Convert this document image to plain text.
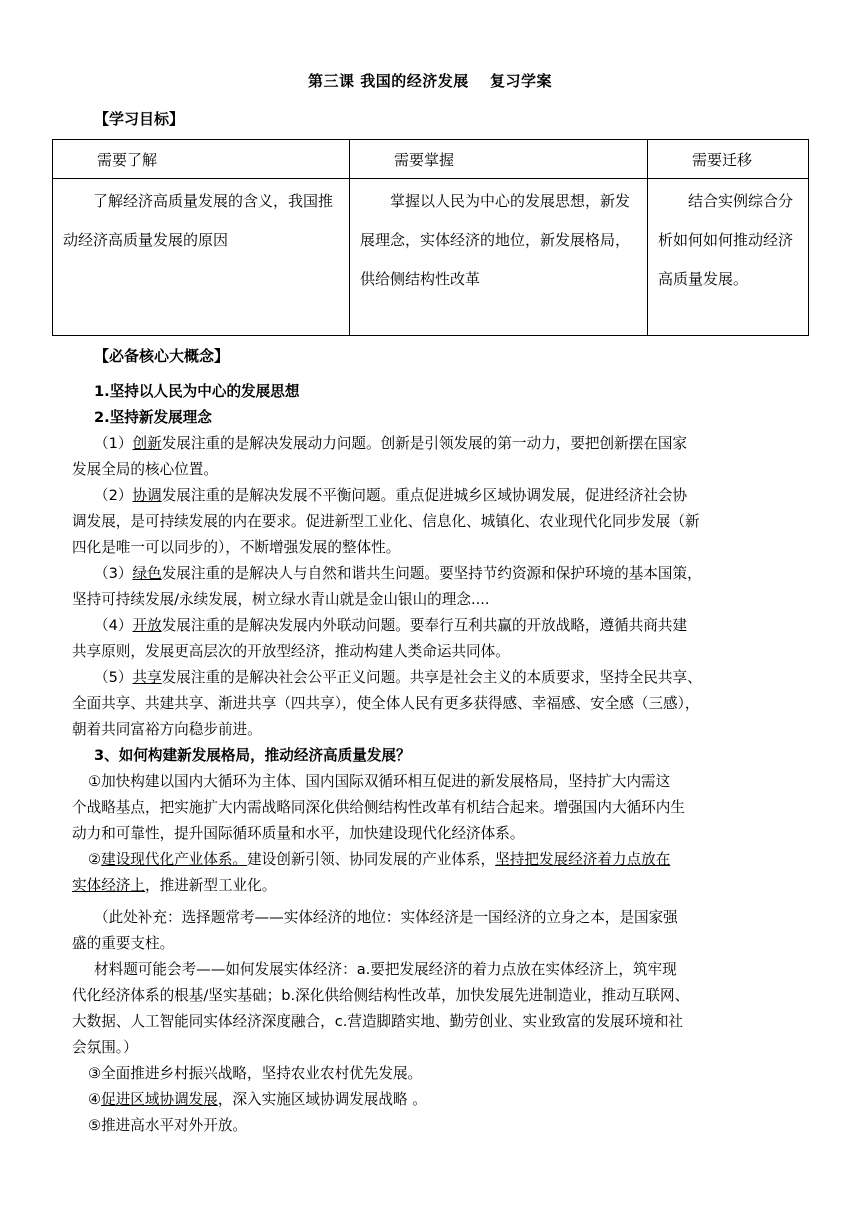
第三课 我国的经济发展　 复习学案
【学习目标】
需要了解	需要掌握	需要迁移

了解经济高质量发展的含义，我国推动经济高质量发展的原因	掌握以人民为中心的发展思想，新发展理念，实体经济的地位，新发展格局，供给侧结构性改革	结合实例综合分析如何如何推动经济高质量发展。

【必备核心大概念】
1.坚持以人民为中心的发展思想
2.坚持新发展理念
（1）创新发展注重的是解决发展动力问题。创新是引领发展的第一动力，要把创新摆在国家
发展全局的核心位置。
（2）协调发展注重的是解决发展不平衡问题。重点促进城乡区域协调发展，促进经济社会协
调发展，是可持续发展的内在要求。促进新型工业化、信息化、城镇化、农业现代化同步发展（新
四化是唯一可以同步的），不断增强发展的整体性。
（3）绿色发展注重的是解决人与自然和谐共生问题。要坚持节约资源和保护环境的基本国策，
坚持可持续发展/永续发展，树立绿水青山就是金山银山的理念....
（4）开放发展注重的是解决发展内外联动问题。要奉行互利共赢的开放战略，遵循共商共建
共享原则，发展更高层次的开放型经济，推动构建人类命运共同体。
（5）共享发展注重的是解决社会公平正义问题。共享是社会主义的本质要求，坚持全民共享、
全面共享、共建共享、渐进共享（四共享），使全体人民有更多获得感、幸福感、安全感（三感），
朝着共同富裕方向稳步前进。
3、如何构建新发展格局，推动经济高质量发展？
①加快构建以国内大循环为主体、国内国际双循环相互促进的新发展格局，坚持扩大内需这
个战略基点，把实施扩大内需战略同深化供给侧结构性改革有机结合起来。增强国内大循环内生
动力和可靠性，提升国际循环质量和水平，加快建设现代化经济体系。
②建设现代化产业体系。建设创新引领、协同发展的产业体系，坚持把发展经济着力点放在
实体经济上，推进新型工业化。
（此处补充：选择题常考——实体经济的地位：实体经济是一国经济的立身之本，是国家强
盛的重要支柱。
材料题可能会考——如何发展实体经济：a.要把发展经济的着力点放在实体经济上，筑牢现
代化经济体系的根基/坚实基础；b.深化供给侧结构性改革，加快发展先进制造业，推动互联网、
大数据、人工智能同实体经济深度融合，c.营造脚踏实地、勤劳创业、实业致富的发展环境和社
会氛围。）
③全面推进乡村振兴战略，坚持农业农村优先发展。
④促进区域协调发展，深入实施区域协调发展战略 。
⑤推进高水平对外开放。
